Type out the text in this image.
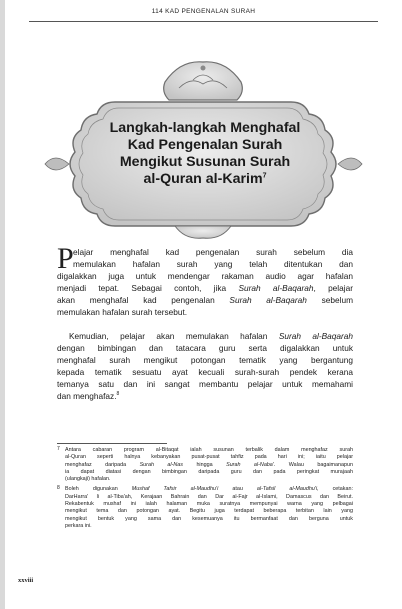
114 KAD PENGENALAN SURAH
Langkah-langkah Menghafal
Kad Pengenalan Surah
Mengikut Susunan Surah
al-Quran al-Karim$^7$
P elajar menghafal kad pengenalan surah sebelum dia
memulakan hafalan surah yang telah ditentukan dan
digalakkan juga untuk mendengar rakaman audio agar hafalan
menjadi tepat. Sebagai contoh, jika Surah al-Baqarah, pelajar
akan menghafal kad pengenalan Surah al-Baqarah sebelum
memulakan hafalan surah tersebut.
Kemudian, pelajar akan memulakan hafalan Surah al-Baqarah
dengan bimbingan dan tatacara guru serta digalakkan untuk
menghafal surah mengikut potongan tematik yang bergantung
kepada tematik sesuatu ayat kecuali surah-surah pendek kerana
temanya satu dan ini sangat membantu pelajar untuk memahami
dan menghafaz.$^8$
7 Antara cabaran program al-Bitaqat ialah susunan terbalik dalam menghafaz surah
al-Quran seperti halnya kebanyakan pusat-pusat tahfiz pada hari ini; iaitu pelajar
menghafaz daripada Surah al-Nas hingga Surah al-Naba'. Walau bagaimanapun
ia dapat diatasi dengan bimbingan daripada guru dan pada peringkat murajaah
(ulangkaji) hafalan.
8 Boleh digunakan	Mushaf Tafsir al-Maudhu'i	atau	al-Tafsil al-Maudhu'i, cetakan:
DarHarra' li al-Tiba'ah, Kerajaan Bahrain dan Dar al-Fajr al-Islami, Damascus dan Beirut.
Rekabentuk mushaf ini ialah halaman muka suratnya mempunyai warna yang pelbagai
mengikut tema dan potongan ayat. Begitu juga terdapat beberapa terbitan lain yang
mengikut bentuk yang sama dan kesemuanya itu bermanfaat dan berguna untuk
perkara ini.
xxviii
